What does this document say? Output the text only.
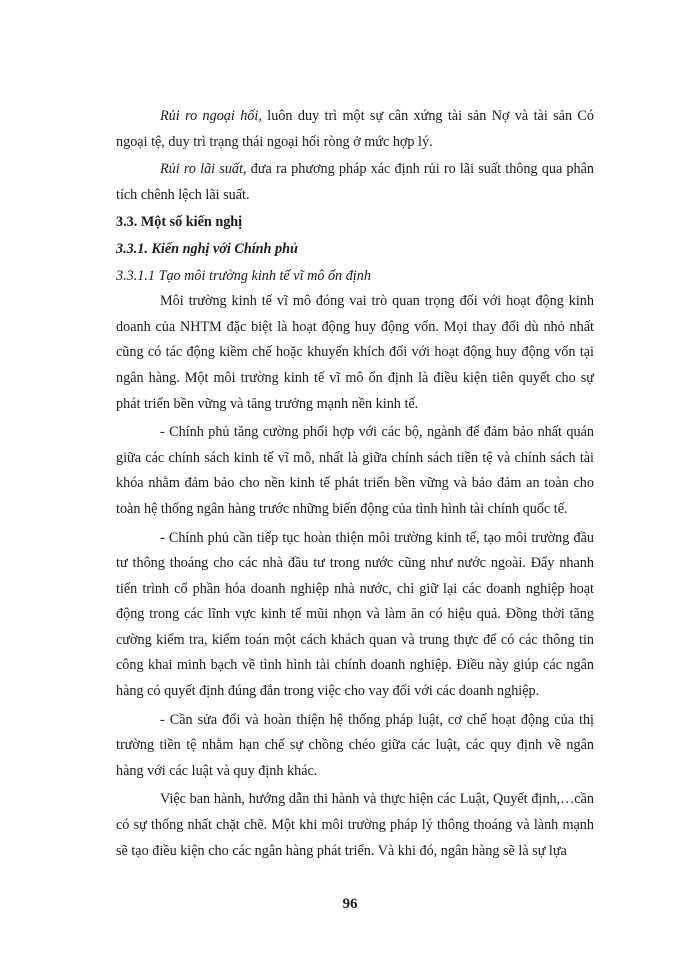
Rủi ro ngoại hối, luôn duy trì một sự cân xứng tài sản Nợ và tài sản Có ngoại tệ, duy trì trạng thái ngoại hối ròng ở mức hợp lý.

Rủi ro lãi suất, đưa ra phương pháp xác định rủi ro lãi suất thông qua phân tích chênh lệch lãi suất.

3.3. Một số kiến nghị
3.3.1. Kiến nghị với Chính phủ
3.3.1.1 Tạo môi trường kinh tế vĩ mô ổn định

Môi trường kinh tế vĩ mô đóng vai trò quan trọng đối với hoạt động kinh doanh của NHTM đặc biệt là hoạt động huy động vốn. Mọi thay đổi dù nhỏ nhất cũng có tác động kiềm chế hoặc khuyến khích đối với hoạt động huy động vốn tại ngân hàng. Một môi trường kinh tế vĩ mô ổn định là điều kiện tiên quyết cho sự phát triển bền vững và tăng trưởng mạnh nền kinh tế.

- Chính phủ tăng cường phối hợp với các bộ, ngành để đảm bảo nhất quán giữa các chính sách kinh tế vĩ mô, nhất là giữa chính sách tiền tệ và chính sách tài khóa nhằm đảm bảo cho nền kinh tế phát triển bền vững và bảo đảm an toàn cho toàn hệ thống ngân hàng trước những biến động của tình hình tài chính quốc tế.

- Chính phủ cần tiếp tục hoàn thiện môi trường kinh tế, tạo môi trường đầu tư thông thoáng cho các nhà đầu tư trong nước cũng như nước ngoài. Đẩy nhanh tiến trình cổ phần hóa doanh nghiệp nhà nước, chỉ giữ lại các doanh nghiệp hoạt động trong các lĩnh vực kinh tế mũi nhọn và làm ăn có hiệu quả. Đồng thời tăng cường kiểm tra, kiểm toán một cách khách quan và trung thực để có các thông tin công khai minh bạch về tình hình tài chính doanh nghiệp. Điều này giúp các ngân hàng có quyết định đúng đắn trong việc cho vay đối với các doanh nghiệp.

- Cần sửa đổi và hoàn thiện hệ thống pháp luật, cơ chế hoạt động của thị trường tiền tệ nhằm hạn chế sự chồng chéo giữa các luật, các quy định về ngân hàng với các luật và quy định khác.

Việc ban hành, hướng dẫn thi hành và thực hiện các Luật, Quyết định,…cần có sự thống nhất chặt chẽ. Một khi môi trường pháp lý thông thoáng và lành mạnh sẽ tạo điều kiện cho các ngân hàng phát triển. Và khi đó, ngân hàng sẽ là sự lựa

96
